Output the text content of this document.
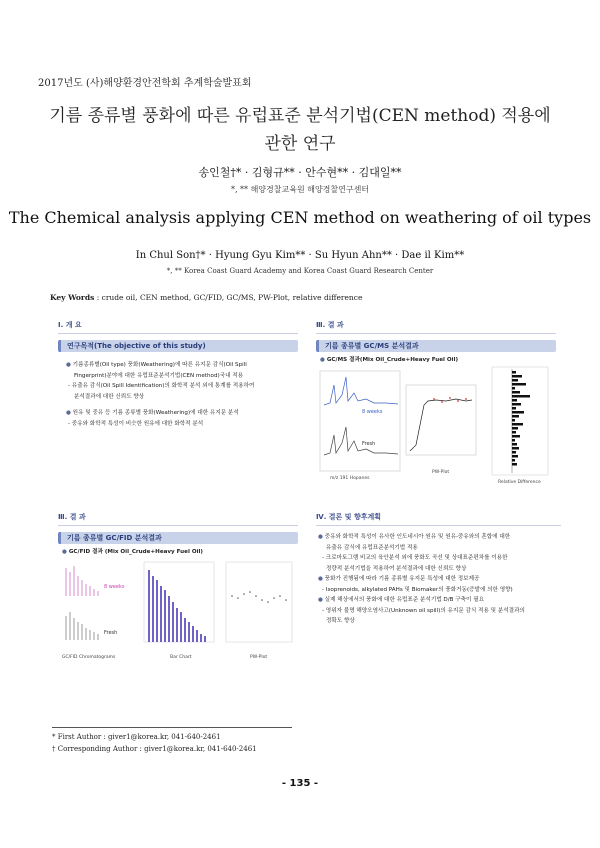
2017년도 (사)해양환경안전학회 추계학술발표회
기름 종류별 풍화에 따른 유럽표준 분석기법(CEN method) 적용에
관한 연구
송인철†* · 김형규** · 안수현** · 김대일**
*, ** 해양경찰교육원 해양경찰연구센터
The Chemical analysis applying CEN method on weathering of oil types
In Chul Son†* · Hyung Gyu Kim** · Su Hyun Ahn** · Dae il Kim**
*, ** Korea Coast Guard Academy and Korea Coast Guard Research Center
Key Words : crude oil, CEN method, GC/FID, GC/MS, PW-Plot, relative difference
I. 개 요
연구목적(The objective of this study)
● 기름종류별(Oil type) 풍화(Weathering)에 따른 유지문 감식(Oil Spill
Fingerprint)분야에 대한 유럽표준분석기법(CEN method)국내 적용
- 유출유 감식(Oil Spill Identification)의 화학적 분석 외에 통계를 적용하여
분석결과에 대한 신뢰도 향상
● 원유 및 중유 등 기름 종류별 풍화(Weathering)에 대한 유지문 분석
- 중유와 화학적 특성이 비슷한 원유에 대한 화학적 분석
Ⅲ. 결 과
기름 종류별 GC/MS 분석결과
● GC/MS 결과(Mix Oil_Crude+Heavy Fuel Oil)
8 weeks
Fresh
m/z 191 Hopanes
PW-Plot
Relative Difference
Ⅲ. 결 과
기름 종류별 GC/FID 분석결과
● GC/FID 결과 (Mix Oil_Crude+Heavy Fuel Oil)
8 weeks
Fresh
GC/FID Chromatograms	Bar Chart	PW-Plot
Ⅳ. 결론 및 향후계획
● 중유와 화학적 특성이 유사한 인도네시아 원유 및 원유-중유와의 혼합에 대한
유출유 감식에 유럽표준분석기법 적용
- 크로마토그램 비교의 육안분석 외에 풍화도 곡선 및 상대표준편차를 이용한
정량적 분석기법을 적용하여 분석결과에 대한 신뢰도 향상
● 풍화가 진행됨에 따라 기름 종류별 유지문 특성에 대한 정보제공
- Isoprenoids, alkylated PAHs 및 Biomaker의 풍화거동(증발에 의한 영향)
● 실제 해상에서의 풍화에 대한 유럽표준 분석기법 D/B 구축이 필요
- 영위자 불명 해양오염사고(Unknown oil spill)의 유지문 감식 적용 및 분석결과의
정확도 향상
* First Author : giver1@korea.kr, 041-640-2461
† Corresponding Author : giver1@korea.kr, 041-640-2461
- 135 -
